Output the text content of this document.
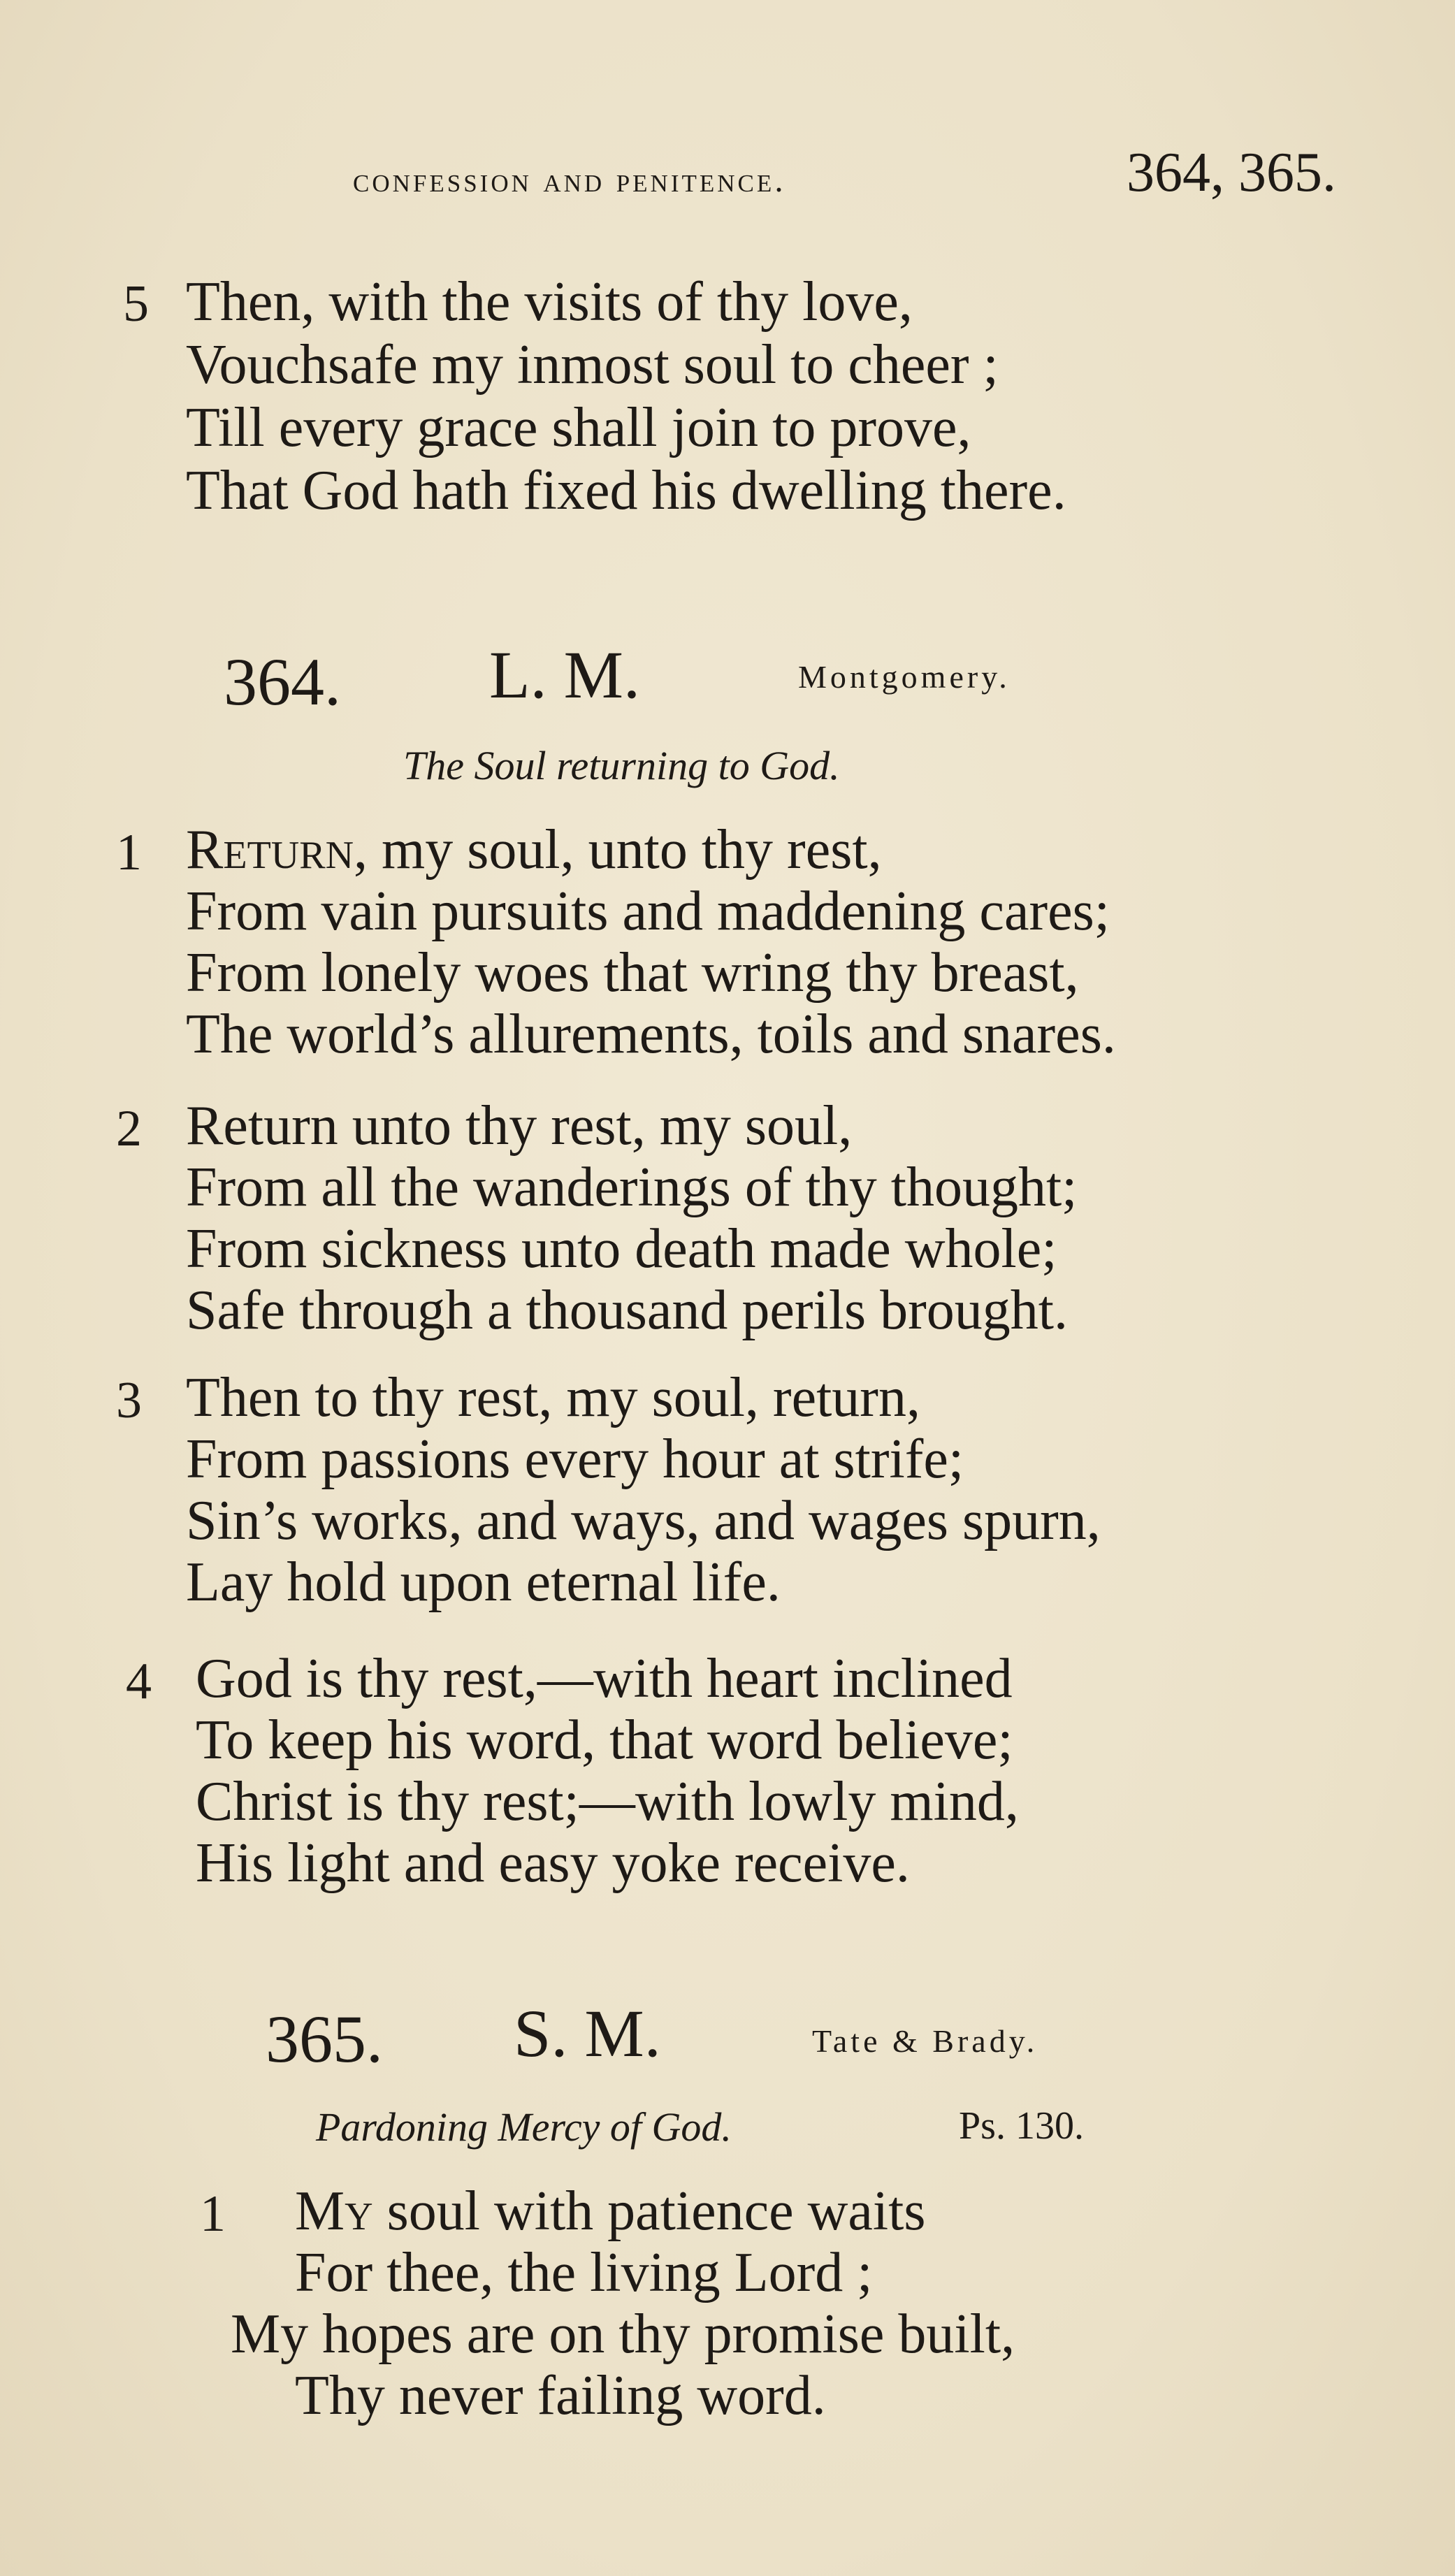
confession and penitence.	364, 365.
5 Then, with the visits of thy love,
Vouchsafe my inmost soul to cheer ;
Till every grace shall join to prove,
That God hath fixed his dwelling there.
364. L. M.	Montgomery.
The Soul returning to God.
1 Return, my soul, unto thy rest,
From vain pursuits and maddening cares;
From lonely woes that wring thy breast,
The world’s allurements, toils and snares.
2 Return unto thy rest, my soul,
From all the wanderings of thy thought;
From sickness unto death made whole;
Safe through a thousand perils brought.
3 Then to thy rest, my soul, return,
From passions every hour at strife;
Sin’s works, and ways, and wages spurn,
Lay hold upon eternal life.
4 God is thy rest,—with heart inclined
To keep his word, that word believe;
Christ is thy rest;—with lowly mind,
His light and easy yoke receive.
365. S. M.	Tate & Brady.
Pardoning Mercy of God.	Ps. 130.
1 My soul with patience waits
For thee, the living Lord ;
My hopes are on thy promise built,
Thy never failing word.
